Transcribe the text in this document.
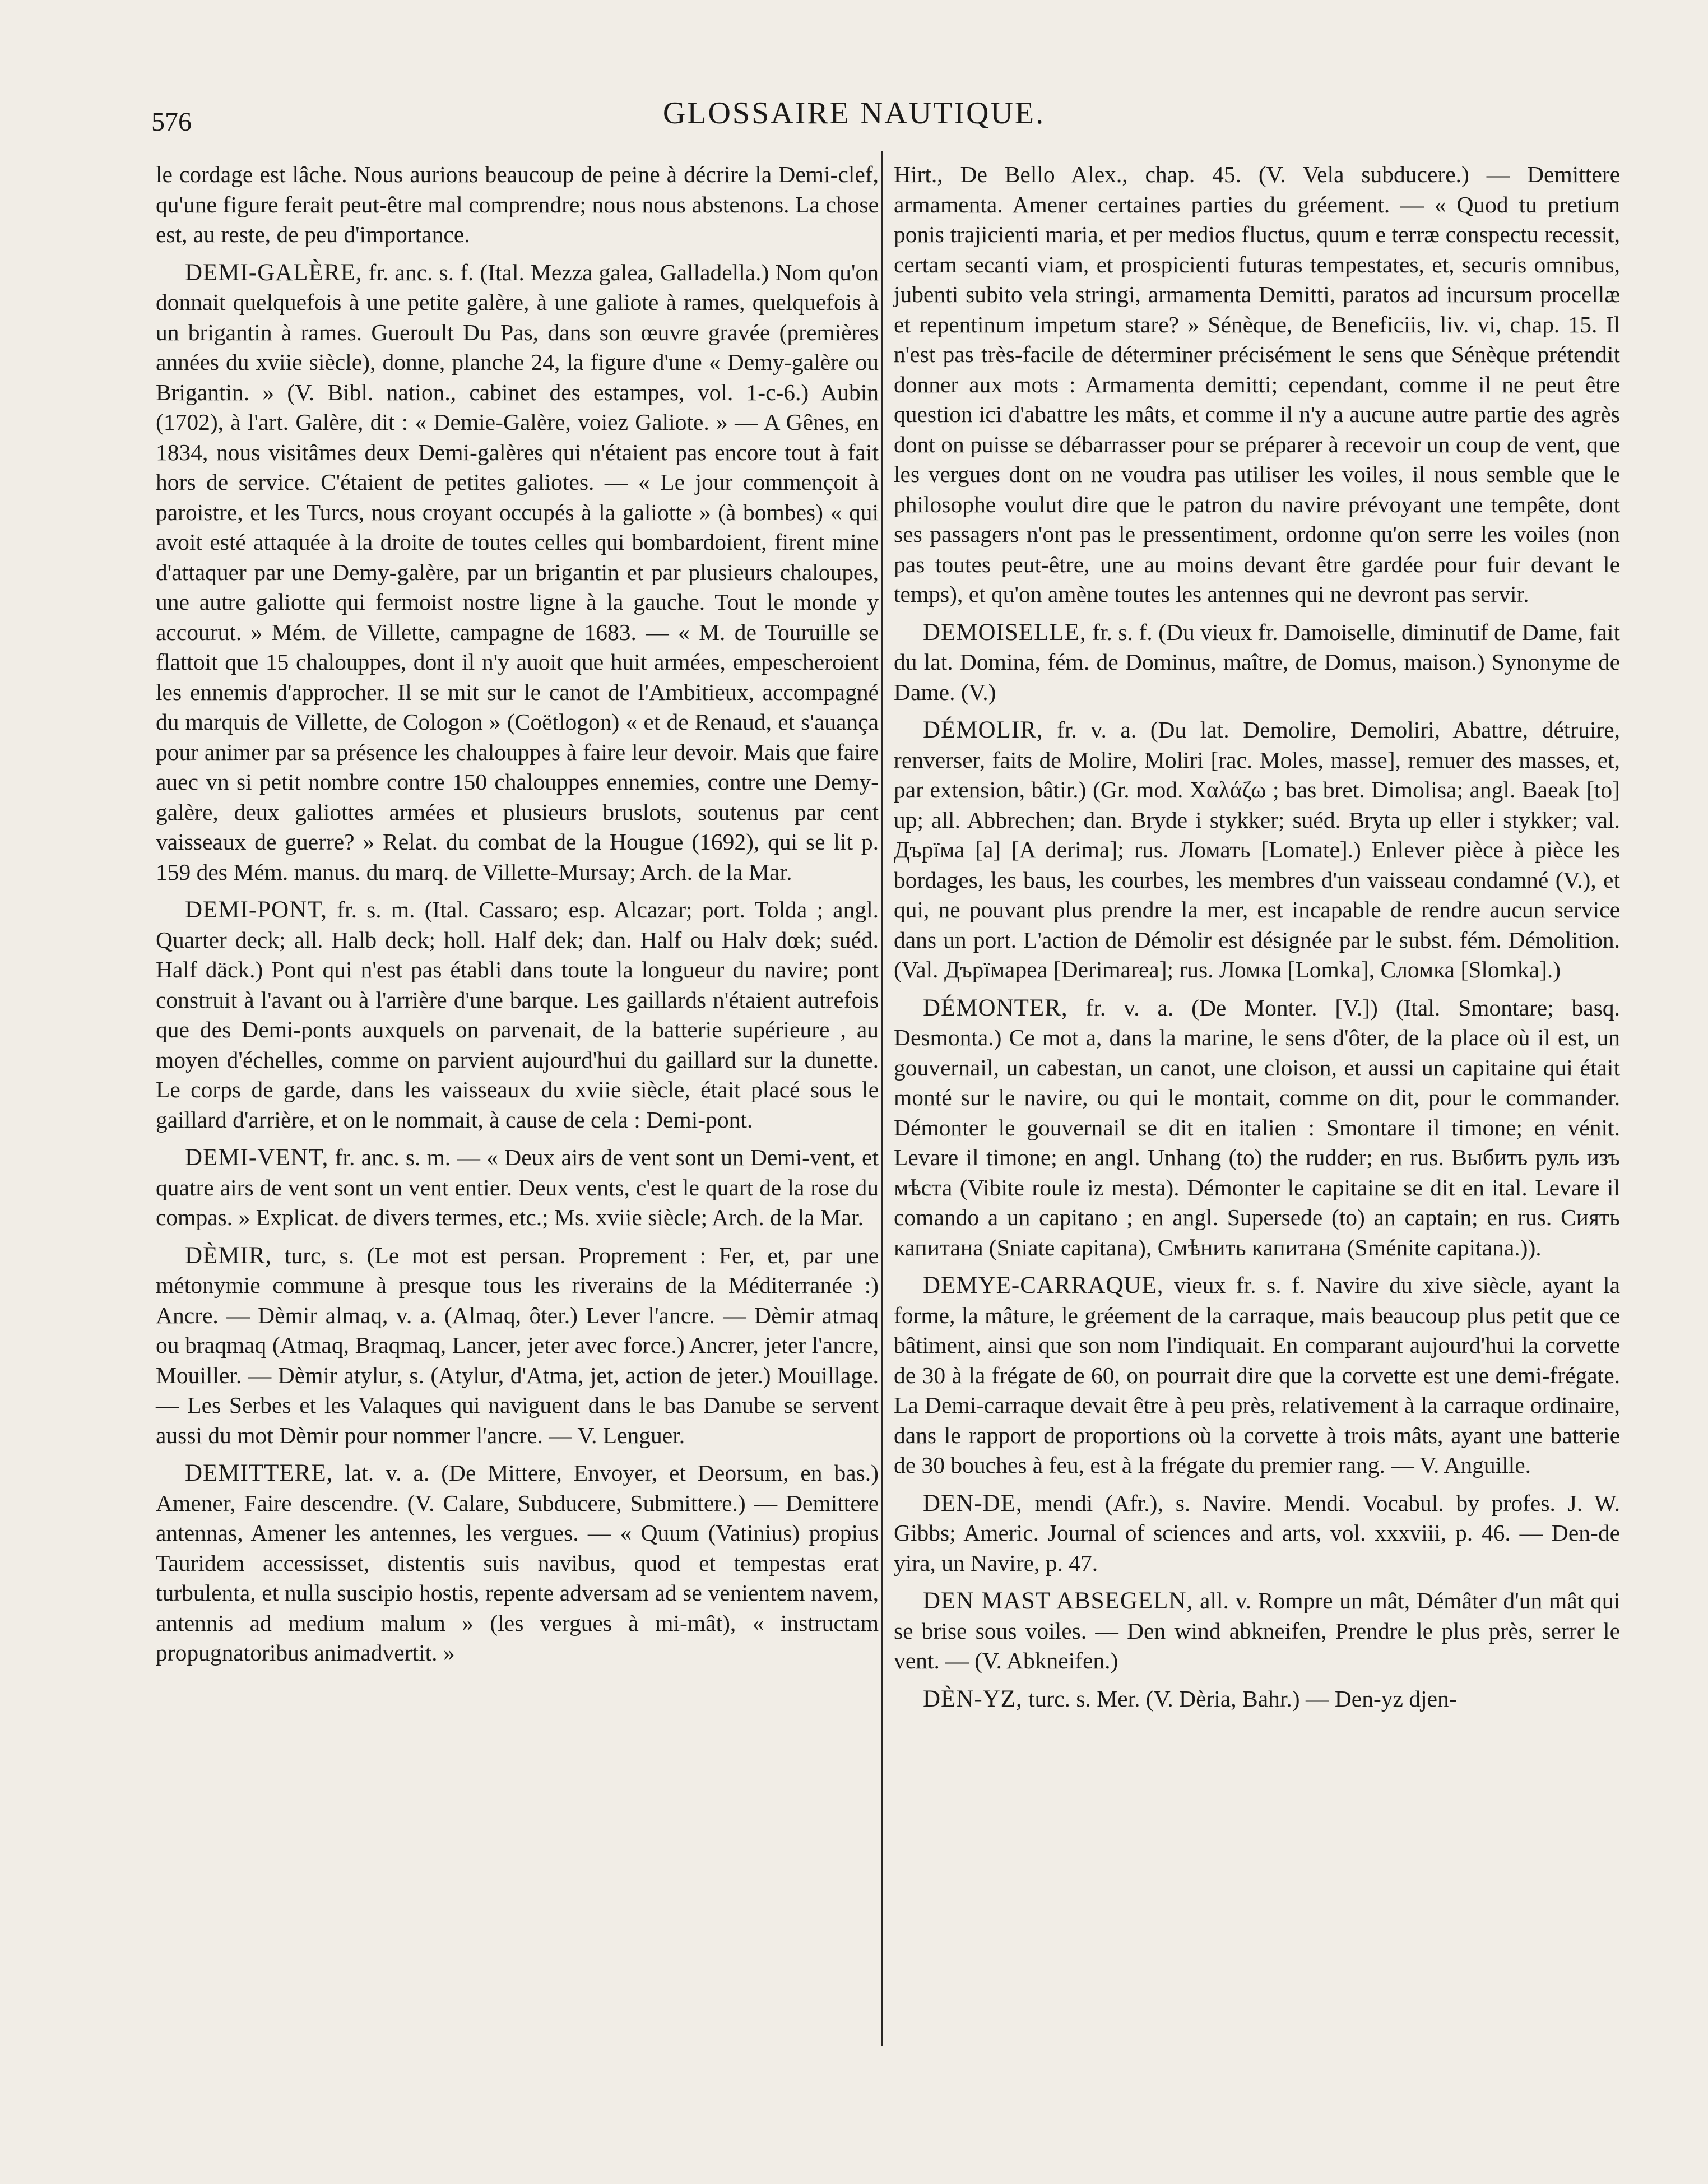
576	GLOSSAIRE NAUTIQUE.

le cordage est lâche. Nous aurions beaucoup de peine à décrire la Demi-clef, qu'une figure ferait peut-être mal comprendre; nous nous abstenons. La chose est, au reste, de peu d'importance.

DEMI-GALÈRE, fr. anc. s. f. (Ital. Mezza galea, Galladella.) Nom qu'on donnait quelquefois à une petite galère, à une galiote à rames, quelquefois à un brigantin à rames. Gueroult Du Pas, dans son œuvre gravée (premières années du xviie siècle), donne, planche 24, la figure d'une « Demy-galère ou Brigantin. » (V. Bibl. nation., cabinet des estampes, vol. 1-c-6.) Aubin (1702), à l'art. Galère, dit : « Demie-Galère, voiez Galiote. » — A Gênes, en 1834, nous visitâmes deux Demi-galères qui n'étaient pas encore tout à fait hors de service. C'étaient de petites galiotes. — « Le jour commençoit à paroistre, et les Turcs, nous croyant occupés à la galiotte » (à bombes) « qui avoit esté attaquée à la droite de toutes celles qui bombardoient, firent mine d'attaquer par une Demy-galère, par un brigantin et par plusieurs chaloupes, une autre galiotte qui fermoist nostre ligne à la gauche. Tout le monde y accourut. » Mém. de Villette, campagne de 1683. — « M. de Touruille se flattoit que 15 chalouppes, dont il n'y auoit que huit armées, empescheroient les ennemis d'approcher. Il se mit sur le canot de l'Ambitieux, accompagné du marquis de Villette, de Cologon » (Coëtlogon) « et de Renaud, et s'auança pour animer par sa présence les chalouppes à faire leur devoir. Mais que faire auec vn si petit nombre contre 150 chalouppes ennemies, contre une Demy-galère, deux galiottes armées et plusieurs bruslots, soutenus par cent vaisseaux de guerre? » Relat. du combat de la Hougue (1692), qui se lit p. 159 des Mém. manus. du marq. de Villette-Mursay; Arch. de la Mar.

DEMI-PONT, fr. s. m. (Ital. Cassaro; esp. Alcazar; port. Tolda ; angl. Quarter deck; all. Halb deck; holl. Half dek; dan. Half ou Halv dœk; suéd. Half däck.) Pont qui n'est pas établi dans toute la longueur du navire; pont construit à l'avant ou à l'arrière d'une barque. Les gaillards n'étaient autrefois que des Demi-ponts auxquels on parvenait, de la batterie supérieure , au moyen d'échelles, comme on parvient aujourd'hui du gaillard sur la dunette. Le corps de garde, dans les vaisseaux du xviie siècle, était placé sous le gaillard d'arrière, et on le nommait, à cause de cela : Demi-pont.

DEMI-VENT, fr. anc. s. m. — « Deux airs de vent sont un Demi-vent, et quatre airs de vent sont un vent entier. Deux vents, c'est le quart de la rose du compas. » Explicat. de divers termes, etc.; Ms. xviie siècle; Arch. de la Mar.

DÈMIR, turc, s. (Le mot est persan. Proprement : Fer, et, par une métonymie commune à presque tous les riverains de la Méditerranée :) Ancre. — Dèmir almaq, v. a. (Almaq, ôter.) Lever l'ancre. — Dèmir atmaq ou braqmaq (Atmaq, Braqmaq, Lancer, jeter avec force.) Ancrer, jeter l'ancre, Mouiller. — Dèmir atylur, s. (Atylur, d'Atma, jet, action de jeter.) Mouillage. — Les Serbes et les Valaques qui naviguent dans le bas Danube se servent aussi du mot Dèmir pour nommer l'ancre. — V. Lenguer.

DEMITTERE, lat. v. a. (De Mittere, Envoyer, et Deorsum, en bas.) Amener, Faire descendre. (V. Calare, Subducere, Submittere.) — Demittere antennas, Amener les antennes, les vergues. — « Quum (Vatinius) propius Tauridem accessisset, distentis suis navibus, quod et tempestas erat turbulenta, et nulla suscipio hostis, repente adversam ad se venientem navem, antennis ad medium malum » (les vergues à mi-mât), « instructam propugnatoribus animadvertit. »

Hirt., De Bello Alex., chap. 45. (V. Vela subducere.) — Demittere armamenta. Amener certaines parties du gréement. — « Quod tu pretium ponis trajicienti maria, et per medios fluctus, quum e terræ conspectu recessit, certam secanti viam, et prospicienti futuras tempestates, et, securis omnibus, jubenti subito vela stringi, armamenta Demitti, paratos ad incursum procellæ et repentinum impetum stare? » Sénèque, de Beneficiis, liv. vi, chap. 15. Il n'est pas très-facile de déterminer précisément le sens que Sénèque prétendit donner aux mots : Armamenta demitti; cependant, comme il ne peut être question ici d'abattre les mâts, et comme il n'y a aucune autre partie des agrès dont on puisse se débarrasser pour se préparer à recevoir un coup de vent, que les vergues dont on ne voudra pas utiliser les voiles, il nous semble que le philosophe voulut dire que le patron du navire prévoyant une tempête, dont ses passagers n'ont pas le pressentiment, ordonne qu'on serre les voiles (non pas toutes peut-être, une au moins devant être gardée pour fuir devant le temps), et qu'on amène toutes les antennes qui ne devront pas servir.

DEMOISELLE, fr. s. f. (Du vieux fr. Damoiselle, diminutif de Dame, fait du lat. Domina, fém. de Dominus, maître, de Domus, maison.) Synonyme de Dame. (V.)

DÉMOLIR, fr. v. a. (Du lat. Demolire, Demoliri, Abattre, détruire, renverser, faits de Molire, Moliri [rac. Moles, masse], remuer des masses, et, par extension, bâtir.) (Gr. mod. Χαλάζω ; bas bret. Dimolisa; angl. Baeak [to] up; all. Abbrechen; dan. Bryde i stykker; suéd. Bryta up eller i stykker; val. Дърїма [a] [A derima]; rus. Ломать [Lomate].) Enlever pièce à pièce les bordages, les baus, les courbes, les membres d'un vaisseau condamné (V.), et qui, ne pouvant plus prendre la mer, est incapable de rendre aucun service dans un port. L'action de Démolir est désignée par le subst. fém. Démolition. (Val. Дърїмареа [Derimarea]; rus. Ломка [Lomka], Сломка [Slomka].)

DÉMONTER, fr. v. a. (De Monter. [V.]) (Ital. Smontare; basq. Desmonta.) Ce mot a, dans la marine, le sens d'ôter, de la place où il est, un gouvernail, un cabestan, un canot, une cloison, et aussi un capitaine qui était monté sur le navire, ou qui le montait, comme on dit, pour le commander. Démonter le gouvernail se dit en italien : Smontare il timone; en vénit. Levare il timone; en angl. Unhang (to) the rudder; en rus. Выбить руль изъ мѣста (Vibite roule iz mesta). Démonter le capitaine se dit en ital. Levare il comando a un capitano ; en angl. Supersede (to) an captain; en rus. Сиять капитана (Sniate capitana), Смѣнить капитана (Sménite capitana.)).

DEMYE-CARRAQUE, vieux fr. s. f. Navire du xive siècle, ayant la forme, la mâture, le gréement de la carraque, mais beaucoup plus petit que ce bâtiment, ainsi que son nom l'indiquait. En comparant aujourd'hui la corvette de 30 à la frégate de 60, on pourrait dire que la corvette est une demi-frégate. La Demi-carraque devait être à peu près, relativement à la carraque ordinaire, dans le rapport de proportions où la corvette à trois mâts, ayant une batterie de 30 bouches à feu, est à la frégate du premier rang. — V. Anguille.

DEN-DE, mendi (Afr.), s. Navire. Mendi. Vocabul. by profes. J. W. Gibbs; Americ. Journal of sciences and arts, vol. xxxviii, p. 46. — Den-de yira, un Navire, p. 47.

DEN MAST ABSEGELN, all. v. Rompre un mât, Démâter d'un mât qui se brise sous voiles. — Den wind abkneifen, Prendre le plus près, serrer le vent. — (V. Abkneifen.)

DÈN-YZ, turc. s. Mer. (V. Dèria, Bahr.) — Den-yz djen-
